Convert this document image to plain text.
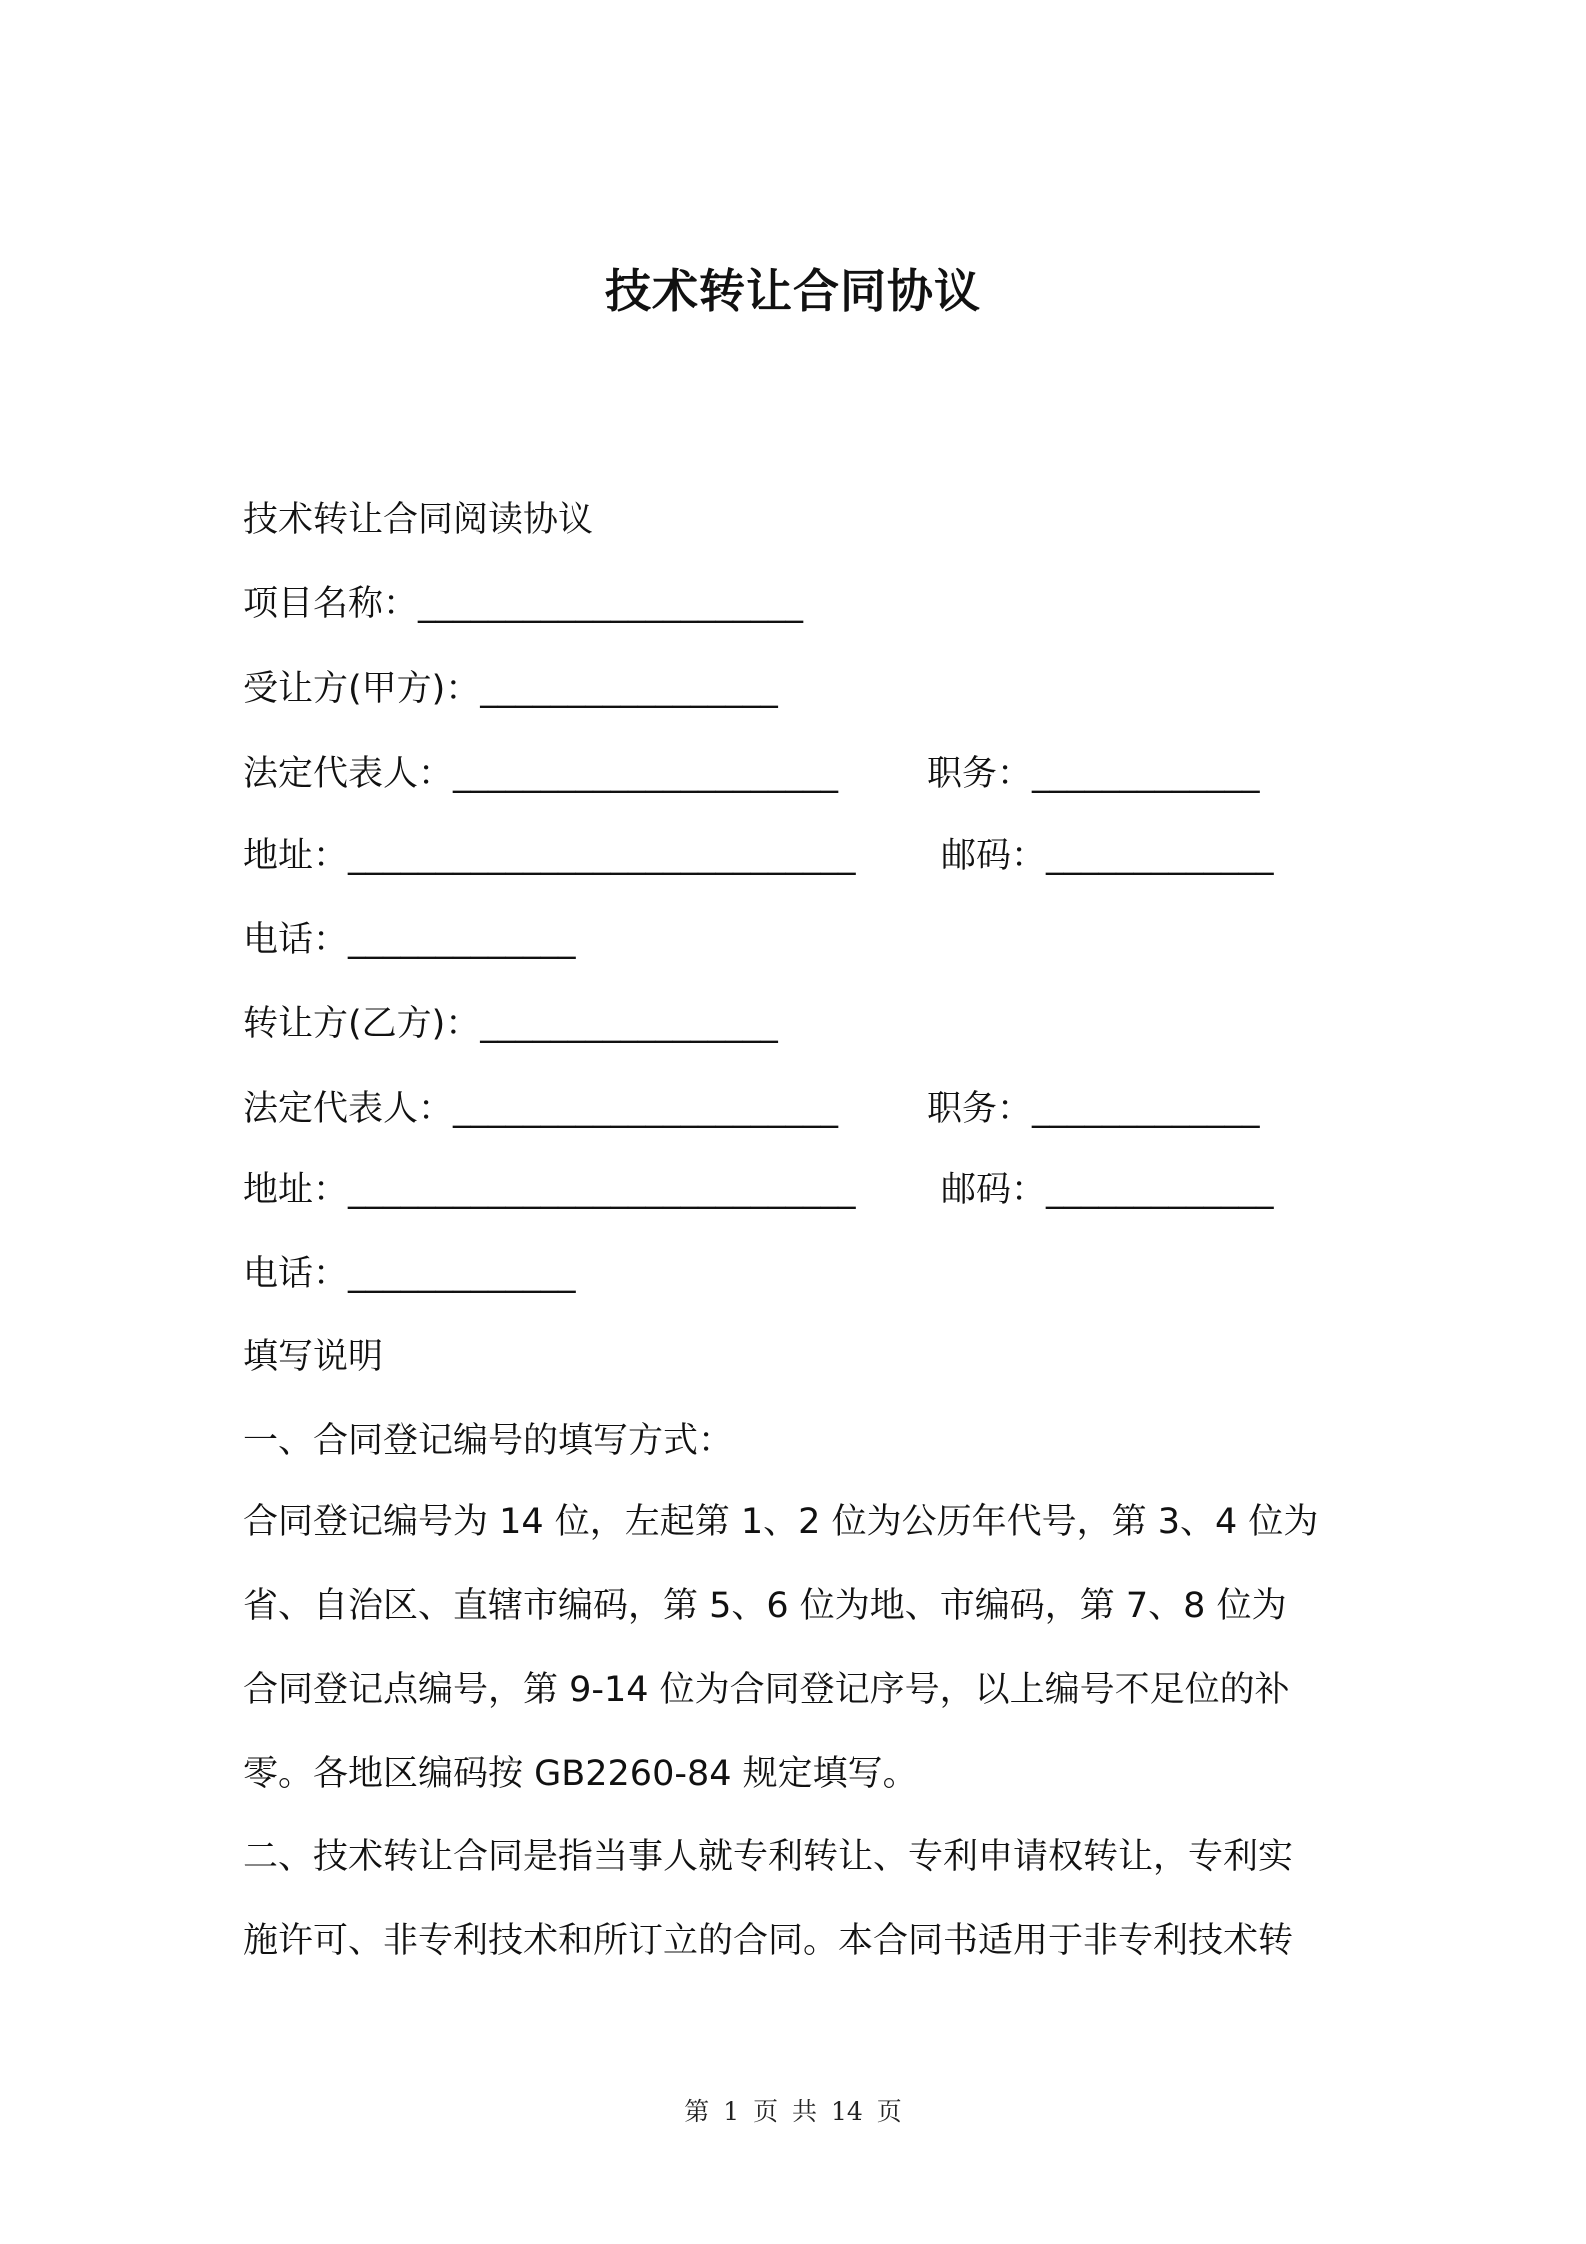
技术转让合同协议
技术转让合同阅读协议
项目名称：______________________
受让方(甲方)：_________________
法定代表人：______________________	职务：_____________
地址：_____________________________ 邮码：_____________
电话：_____________
转让方(乙方)：_________________
法定代表人：______________________	职务：_____________
地址：_____________________________ 邮码：_____________
电话：_____________
填写说明
一、合同登记编号的填写方式：
合同登记编号为 14 位，左起第 1、2 位为公历年代号，第 3、4 位为
省、自治区、直辖市编码，第 5、6 位为地、市编码，第 7、8 位为
合同登记点编号，第 9-14 位为合同登记序号，以上编号不足位的补
零。各地区编码按 GB2260-84 规定填写。
二、技术转让合同是指当事人就专利转让、专利申请权转让，专利实
施许可、非专利技术和所订立的合同。本合同书适用于非专利技术转
第 1 页 共 14 页
